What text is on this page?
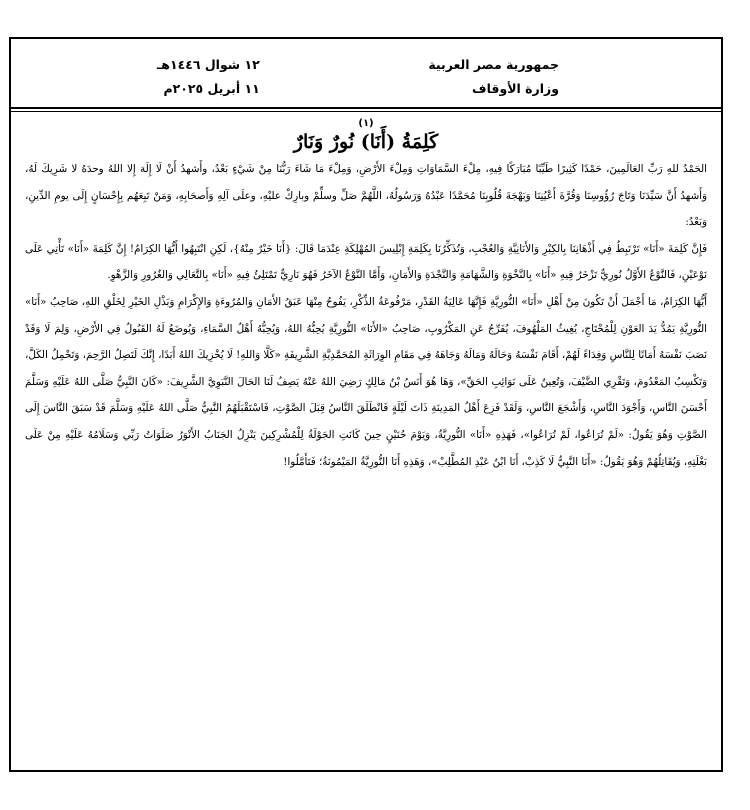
جمهورية مصر العربية
وزارة الأوقاف
١٢ شوال ١٤٤٦هـ
١١ أبريل ٢٠٢٥م
(١)
كَلِمَةُ (أَنَا) نُورٌ وَنَارٌ

الحَمْدُ للهِ رَبِّ العَالَمِينَ، حَمْدًا كَثِيرًا طَيِّبًا مُبَارَكًا فِيهِ، مِلْءَ السَّمَاوَاتِ وَمِلْءَ الأَرْضِ، وَمِلْءَ مَا شَاءَ رَبُّنَا مِنْ شَيْءٍ بَعْدُ، وأَشهدُ أَنْ لَا إِلَهَ إِلا اللهُ وحدَهُ لا شَرِيكَ لَهُ، وَأَشهدُ أَنَّ سَيِّدَنَا وَتَاجَ رُؤُوسِنَا وَقُرَّةَ أَعْيُنِنَا وَبَهْجَةَ قُلُوبِنَا مُحَمَّدًا عَبْدُهُ وَرَسُولُهُ، اللَّهُمَّ صَلِّ وسلِّمْ وبارِكْ عليْهِ، وعلَى آلِهِ وَأَصحَابِهِ، وَمَنْ تَبِعَهُم بِإِحْسَانٍ إِلَى يومِ الدِّينِ، وَبَعْدُ:

فَإِنَّ كَلِمَةَ «أَنَا» تَرْتَبِطُ فِي أَذْهَانِنَا بِالكِبْرِ وَالأَنَانِيَّةِ وَالعُجْبِ، وَتُذَكِّرُنَا بِكَلِمَةِ إِبْلِيسَ المُهْلِكَةِ عِنْدَمَا قَالَ: {أَنَا خَيْرٌ مِنْهُ}، لَكِنِ انْتَبِهُوا أَيُّهَا الكِرَامُ! إِنَّ كَلِمَةَ «أَنَا» تَأْتِي عَلَى نَوْعَيْنِ، فَالنَّوْعُ الأَوَّلُ نُورِيٌّ تَزْخَرُ فِيهِ «أَنَا» بِالنَّخْوَةِ وَالشَّهَامَةِ وَالنَّجْدَةِ وَالأَمَانِ، وَأَمَّا النَّوْعُ الآخَرُ فَهُوَ نَارِيٌّ تَمْتَلِئُ فِيهِ «أَنَا» بِالتَّعَالِي وَالغُرُورِ وَالزَّهْوِ.

أَيُّهَا الكِرَامُ، مَا أَجْمَلَ أَنْ تَكُونَ مِنْ أَهْلِ «أَنَا» النُّورِيَّةِ فَإِنَّهَا عَالِيَةُ القَدْرِ، مَرْفُوعَةُ الذِّكْرِ، يَفُوحُ مِنْهَا عَبَقُ الأَمَانِ وَالمُرُوءَةِ وَالإِكْرَامِ وَبَذْلِ الخَيْرِ لِخَلْقِ اللهِ، صَاحِبُ «أَنَا» النُّورِيَّةِ يَمُدُّ يَدَ العَوْنِ لِلْمُحْتَاجِ، يُغِيثُ المَلْهُوفَ، يُفَرِّجُ عَنِ المَكْرُوبِ، صَاحِبُ «الأَنَا» النُّورِيَّةِ يُحِبُّهُ اللهُ، وَيُحِبُّهُ أَهْلُ السَّمَاءِ، وَيُوضَعُ لَهُ القَبُولُ فِي الأَرْضِ، وَلِمَ لَا وَقَدْ نَصَبَ نَفْسَهُ أَمَانًا لِلنَّاسِ وَفِدَاءً لَهُمْ، أَقَامَ نَفْسَهُ وَحَالَهُ وَمَالَهُ وَجَاهَهُ فِي مَقَامِ الوِرَاثَةِ المُحَمَّدِيَّةِ الشَّرِيفَةِ «كَلَّا وَاللهِ! لَا يُخْزِيكَ اللهُ أَبَدًا، إِنَّكَ لَتَصِلُ الرَّحِمَ، وَتَحْمِلُ الكَلَّ، وَتَكْسِبُ المَعْدُومَ، وَتَقْرِي الضَّيْفَ، وَتُعِينُ عَلَى نَوَائِبِ الحَقِّ»، وَهَا هُوَ أَنَسُ بْنُ مَالِكٍ رَضِيَ اللهُ عَنْهُ يَصِفُ لَنَا الحَالَ النَّبَوِيَّ الشَّرِيفَ: «كَانَ النَّبِيُّ صَلَّى اللهُ عَلَيْهِ وَسَلَّمَ أَحْسَنَ النَّاسِ، وَأَجْوَدَ النَّاسِ، وَأَشْجَعَ النَّاسِ، وَلَقَدْ فَزِعَ أَهْلُ المَدِينَةِ ذَاتَ لَيْلَةٍ فَانْطَلَقَ النَّاسُ قِبَلَ الصَّوْتِ، فَاسْتَقْبَلَهُمُ النَّبِيُّ صَلَّى اللهُ عَلَيْهِ وَسَلَّمَ قَدْ سَبَقَ النَّاسَ إِلَى الصَّوْتِ وَهُوَ يَقُولُ: «لَمْ تُرَاعُوا، لَمْ تُرَاعُوا»، فَهَذِهِ «أَنَا» النُّورِيَّةُ، وَيَوْمَ حُنَيْنٍ حِينَ كَانَتِ الجَوْلَةُ لِلْمُشْرِكِينَ يَنْزِلُ الجَنَابُ الأَنْوَرُ صَلَوَاتُ رَبِّي وَسَلَامُهُ عَلَيْهِ مِنْ عَلَى بَغْلَتِهِ، وَيُقَاتِلُهُمْ وَهُوَ يَقُولُ: «أَنَا النَّبِيُّ لَا كَذِبْ، أَنَا ابْنُ عَبْدِ المُطَّلِبْ»، وَهَذِهِ أَنَا النُّورِيَّةُ المَيْمُونَةُ؛ فَتَأَمَّلُوا!
